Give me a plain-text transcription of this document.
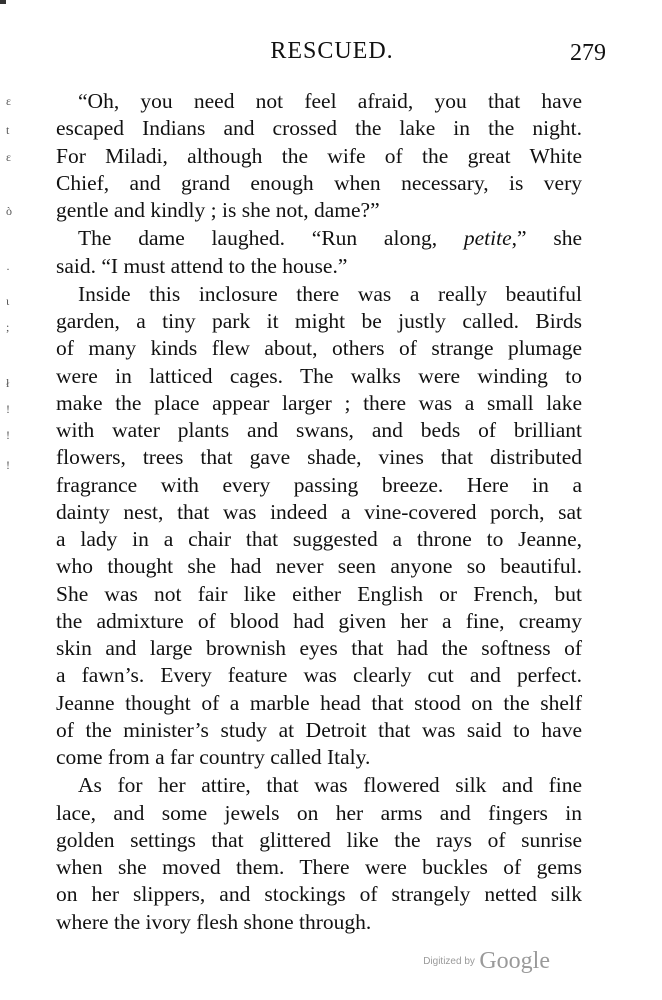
ε
t
ε
ò
·
ι
;
ł
!
!
!
RESCUED.	279
“Oh, you need not feel afraid, you that have
escaped Indians and crossed the lake in the night.
For Miladi, although the wife of the great White
Chief, and grand enough when necessary, is very
gentle and kindly ; is she not, dame?”
The dame laughed. “Run along, petite,” she
said. “I must attend to the house.”
Inside this inclosure there was a really beautiful
garden, a tiny park it might be justly called. Birds
of many kinds flew about, others of strange plumage
were in latticed cages. The walks were winding to
make the place appear larger ; there was a small lake
with water plants and swans, and beds of brilliant
flowers, trees that gave shade, vines that distributed
fragrance with every passing breeze. Here in a
dainty nest, that was indeed a vine-covered porch, sat
a lady in a chair that suggested a throne to Jeanne,
who thought she had never seen anyone so beautiful.
She was not fair like either English or French, but
the admixture of blood had given her a fine, creamy
skin and large brownish eyes that had the softness of
a fawn’s. Every feature was clearly cut and perfect.
Jeanne thought of a marble head that stood on the shelf
of the minister’s study at Detroit that was said to have
come from a far country called Italy.
As for her attire, that was flowered silk and fine
lace, and some jewels on her arms and fingers in
golden settings that glittered like the rays of sunrise
when she moved them. There were buckles of gems
on her slippers, and stockings of strangely netted silk
where the ivory flesh shone through.
Digitized by Google
